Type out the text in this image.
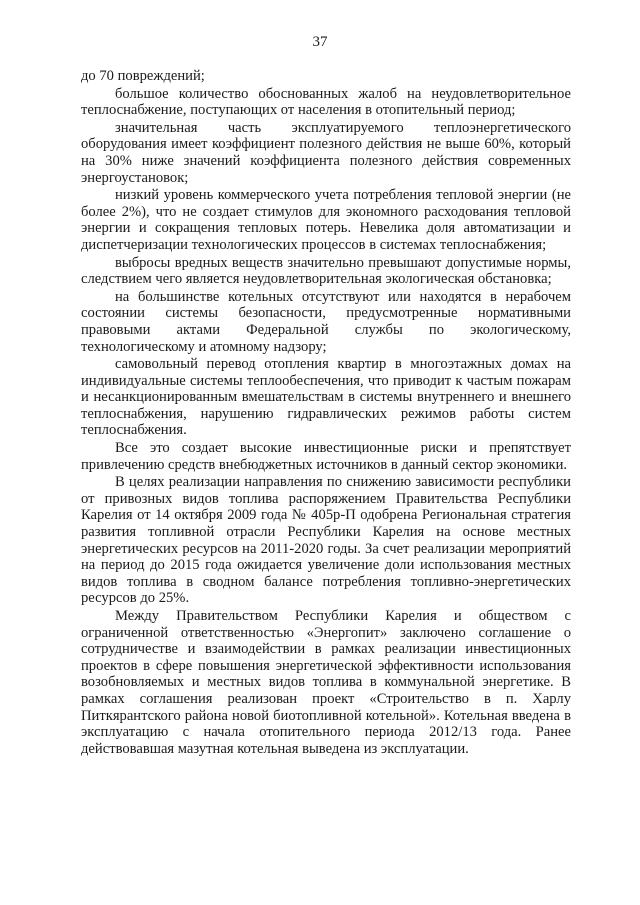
37

до 70 повреждений;

большое количество обоснованных жалоб на неудовлетворительное теплоснабжение, поступающих от населения в отопительный период;

значительная часть эксплуатируемого теплоэнергетического оборудования имеет коэффициент полезного действия не выше 60%, который на 30% ниже значений коэффициента полезного действия современных энергоустановок;

низкий уровень коммерческого учета потребления тепловой энергии (не более 2%), что не создает стимулов для экономного расходования тепловой энергии и сокращения тепловых потерь. Невелика доля автоматизации и диспетчеризации технологических процессов в системах теплоснабжения;

выбросы вредных веществ значительно превышают допустимые нормы, следствием чего является неудовлетворительная экологическая обстановка;

на большинстве котельных отсутствуют или находятся в нерабочем состоянии системы безопасности, предусмотренные нормативными правовыми актами Федеральной службы по экологическому, технологическому и атомному надзору;

самовольный перевод отопления квартир в многоэтажных домах на индивидуальные системы теплообеспечения, что приводит к частым пожарам и несанкционированным вмешательствам в системы внутреннего и внешнего теплоснабжения, нарушению гидравлических режимов работы систем теплоснабжения.

Все это создает высокие инвестиционные риски и препятствует привлечению средств внебюджетных источников в данный сектор экономики.

В целях реализации направления по снижению зависимости республики от привозных видов топлива распоряжением Правительства Республики Карелия от 14 октября 2009 года № 405р-П одобрена Региональная стратегия развития топливной отрасли Республики Карелия на основе местных энергетических ресурсов на 2011-2020 годы. За счет реализации мероприятий на период до 2015 года ожидается увеличение доли использования местных видов топлива в сводном балансе потребления топливно-энергетических ресурсов до 25%.

Между Правительством Республики Карелия и обществом с ограниченной ответственностью «Энергопит» заключено соглашение о сотрудничестве и взаимодействии в рамках реализации инвестиционных проектов в сфере повышения энергетической эффективности использования возобновляемых и местных видов топлива в коммунальной энергетике. В рамках соглашения реализован проект «Строительство в п. Харлу Питкярантского района новой биотопливной котельной». Котельная введена в эксплуатацию с начала отопительного периода 2012/13 года. Ранее действовавшая мазутная котельная выведена из эксплуатации.
